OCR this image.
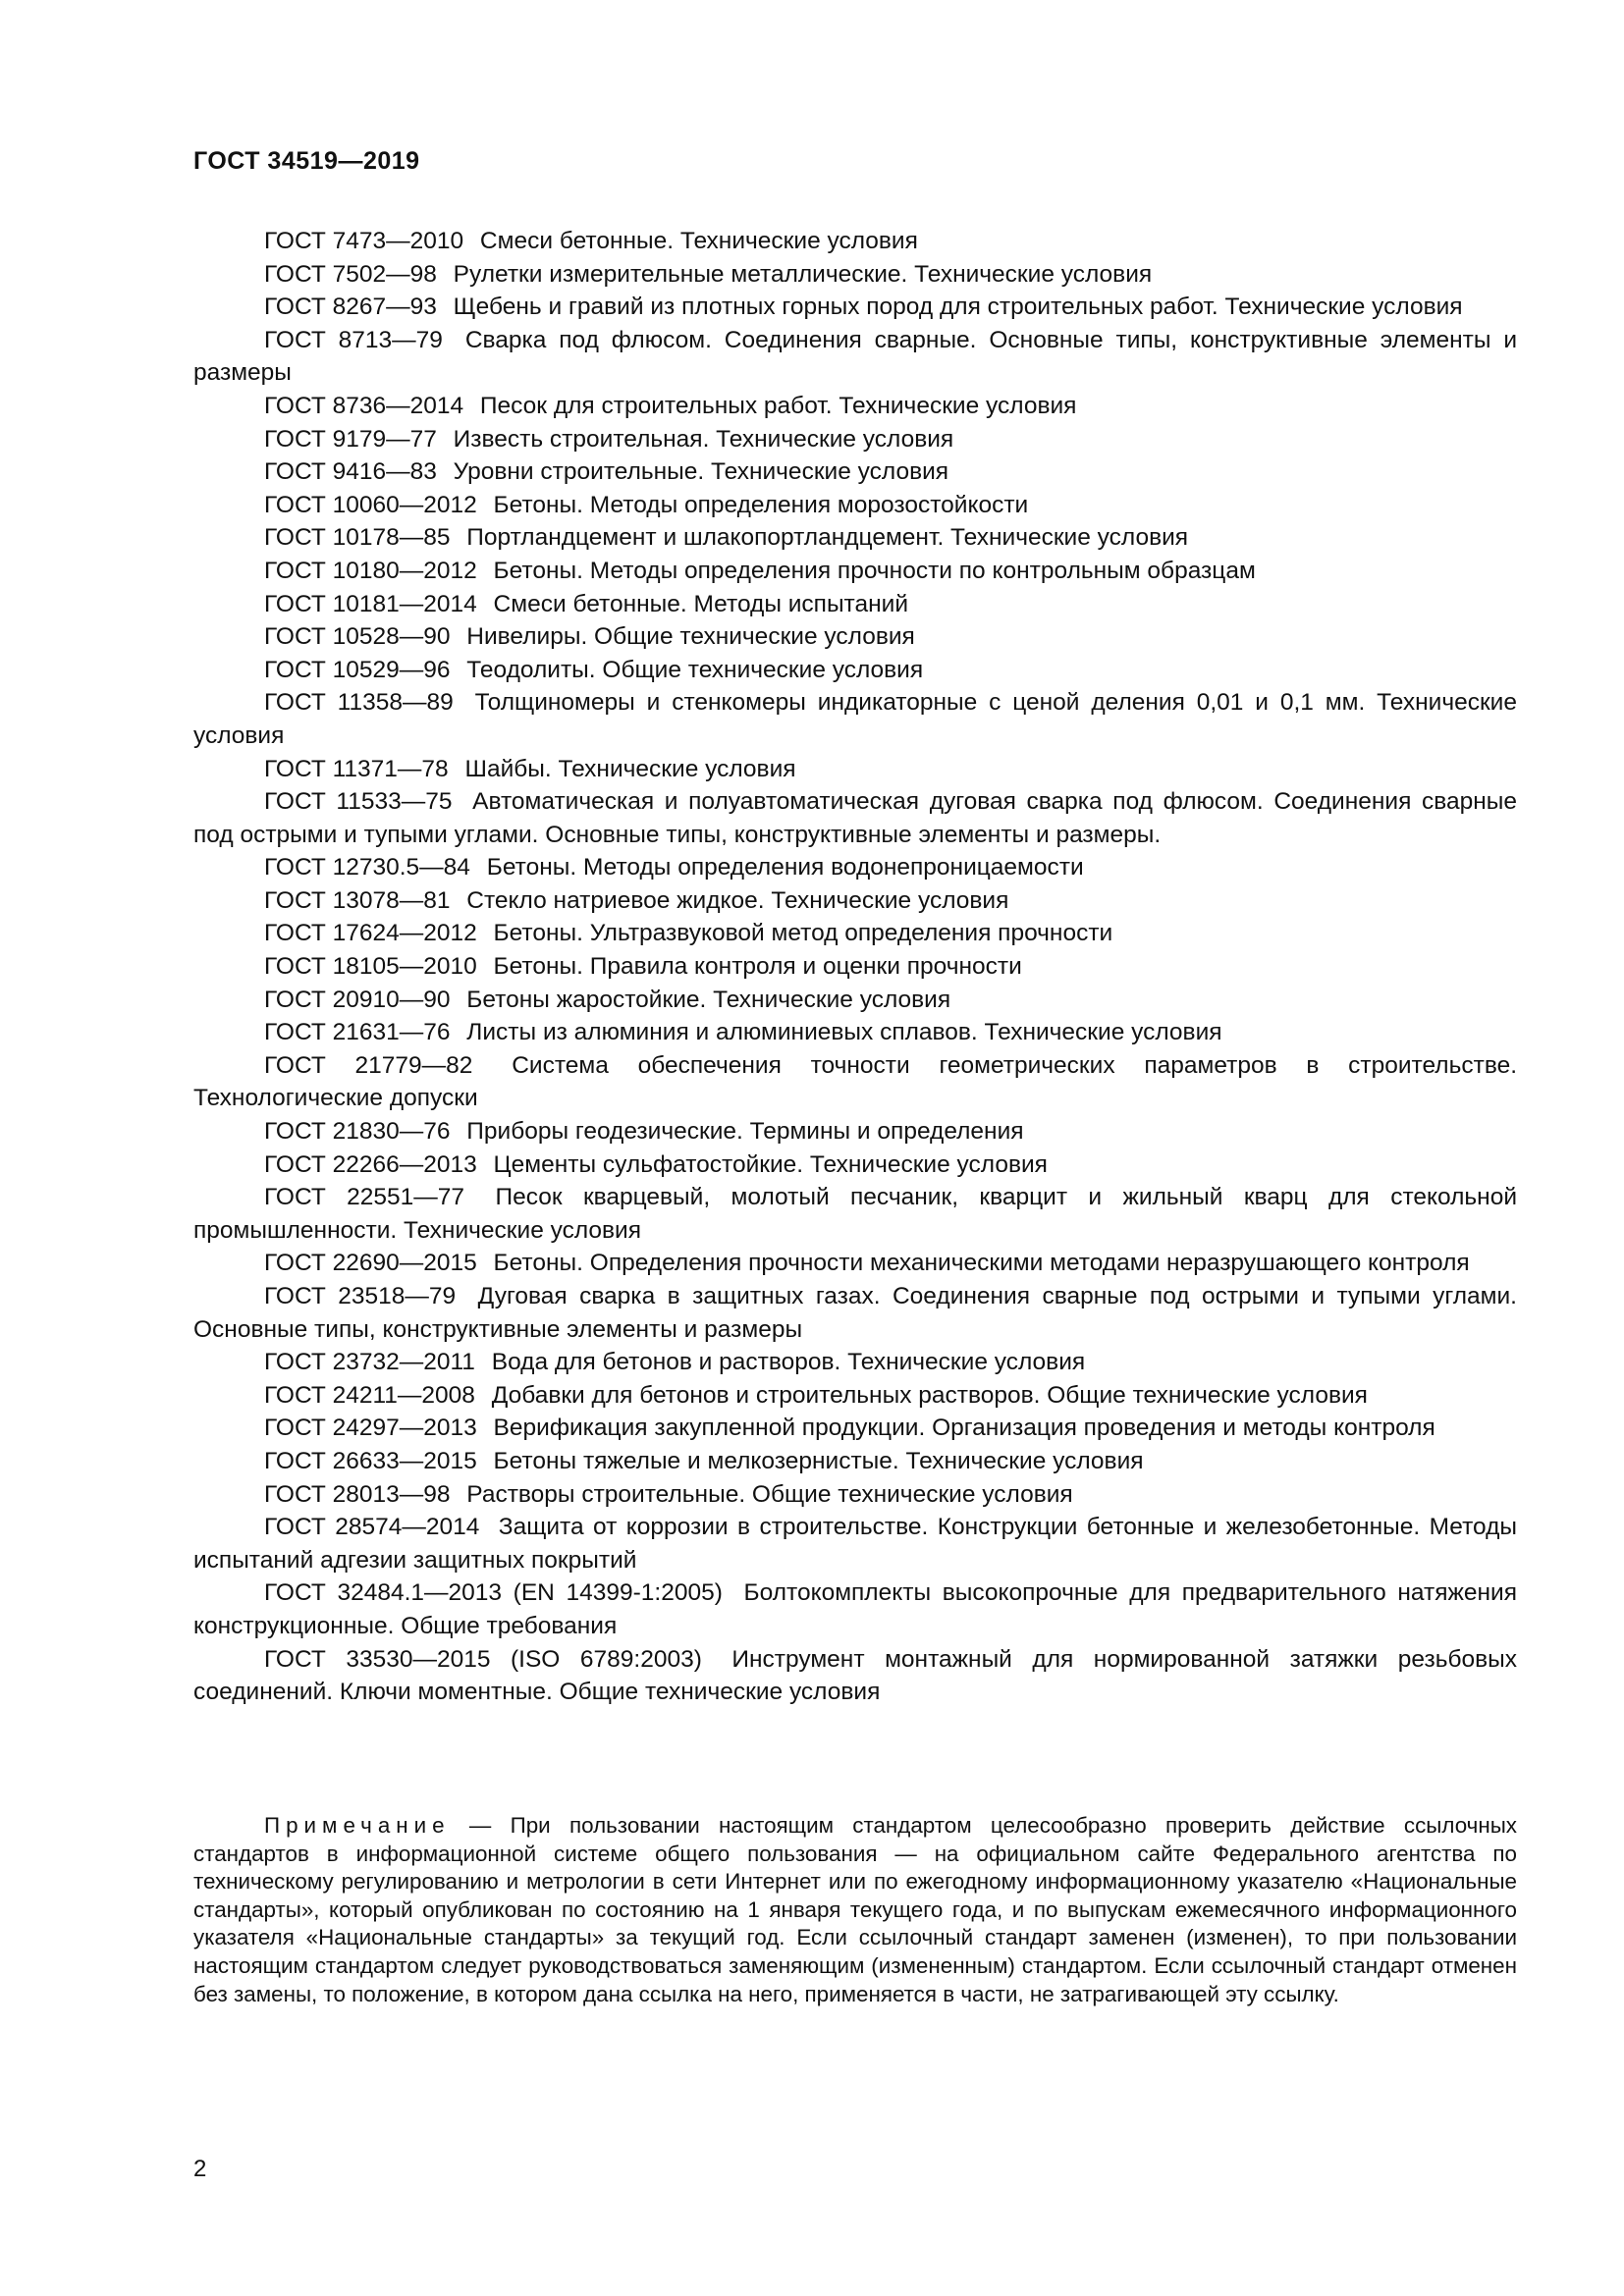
ГОСТ 34519—2019
ГОСТ 7473—2010 Смеси бетонные. Технические условия
ГОСТ 7502—98 Рулетки измерительные металлические. Технические условия
ГОСТ 8267—93 Щебень и гравий из плотных горных пород для строительных работ. Технические условия
ГОСТ 8713—79 Сварка под флюсом. Соединения сварные. Основные типы, конструктивные элементы и размеры
ГОСТ 8736—2014 Песок для строительных работ. Технические условия
ГОСТ 9179—77 Известь строительная. Технические условия
ГОСТ 9416—83 Уровни строительные. Технические условия
ГОСТ 10060—2012 Бетоны. Методы определения морозостойкости
ГОСТ 10178—85 Портландцемент и шлакопортландцемент. Технические условия
ГОСТ 10180—2012 Бетоны. Методы определения прочности по контрольным образцам
ГОСТ 10181—2014 Смеси бетонные. Методы испытаний
ГОСТ 10528—90 Нивелиры. Общие технические условия
ГОСТ 10529—96 Теодолиты. Общие технические условия
ГОСТ 11358—89 Толщиномеры и стенкомеры индикаторные с ценой деления 0,01 и 0,1 мм. Технические условия
ГОСТ 11371—78 Шайбы. Технические условия
ГОСТ 11533—75 Автоматическая и полуавтоматическая дуговая сварка под флюсом. Соединения сварные под острыми и тупыми углами. Основные типы, конструктивные элементы и размеры.
ГОСТ 12730.5—84 Бетоны. Методы определения водонепроницаемости
ГОСТ 13078—81 Стекло натриевое жидкое. Технические условия
ГОСТ 17624—2012 Бетоны. Ультразвуковой метод определения прочности
ГОСТ 18105—2010 Бетоны. Правила контроля и оценки прочности
ГОСТ 20910—90 Бетоны жаростойкие. Технические условия
ГОСТ 21631—76 Листы из алюминия и алюминиевых сплавов. Технические условия
ГОСТ 21779—82 Система обеспечения точности геометрических параметров в строительстве. Технологические допуски
ГОСТ 21830—76 Приборы геодезические. Термины и определения
ГОСТ 22266—2013 Цементы сульфатостойкие. Технические условия
ГОСТ 22551—77 Песок кварцевый, молотый песчаник, кварцит и жильный кварц для стекольной промышленности. Технические условия
ГОСТ 22690—2015 Бетоны. Определения прочности механическими методами неразрушающего контроля
ГОСТ 23518—79 Дуговая сварка в защитных газах. Соединения сварные под острыми и тупыми углами. Основные типы, конструктивные элементы и размеры
ГОСТ 23732—2011 Вода для бетонов и растворов. Технические условия
ГОСТ 24211—2008 Добавки для бетонов и строительных растворов. Общие технические условия
ГОСТ 24297—2013 Верификация закупленной продукции. Организация проведения и методы контроля
ГОСТ 26633—2015 Бетоны тяжелые и мелкозернистые. Технические условия
ГОСТ 28013—98 Растворы строительные. Общие технические условия
ГОСТ 28574—2014 Защита от коррозии в строительстве. Конструкции бетонные и железобетонные. Методы испытаний адгезии защитных покрытий
ГОСТ 32484.1—2013 (EN 14399-1:2005) Болтокомплекты высокопрочные для предварительного натяжения конструкционные. Общие требования
ГОСТ 33530—2015 (ISO 6789:2003) Инструмент монтажный для нормированной затяжки резьбовых соединений. Ключи моментные. Общие технические условия
Примечание — При пользовании настоящим стандартом целесообразно проверить действие ссылочных стандартов в информационной системе общего пользования — на официальном сайте Федерального агентства по техническому регулированию и метрологии в сети Интернет или по ежегодному информационному указателю «Национальные стандарты», который опубликован по состоянию на 1 января текущего года, и по выпускам ежемесячного информационного указателя «Национальные стандарты» за текущий год. Если ссылочный стандарт заменен (изменен), то при пользовании настоящим стандартом следует руководствоваться заменяющим (измененным) стандартом. Если ссылочный стандарт отменен без замены, то положение, в котором дана ссылка на него, применяется в части, не затрагивающей эту ссылку.
2
